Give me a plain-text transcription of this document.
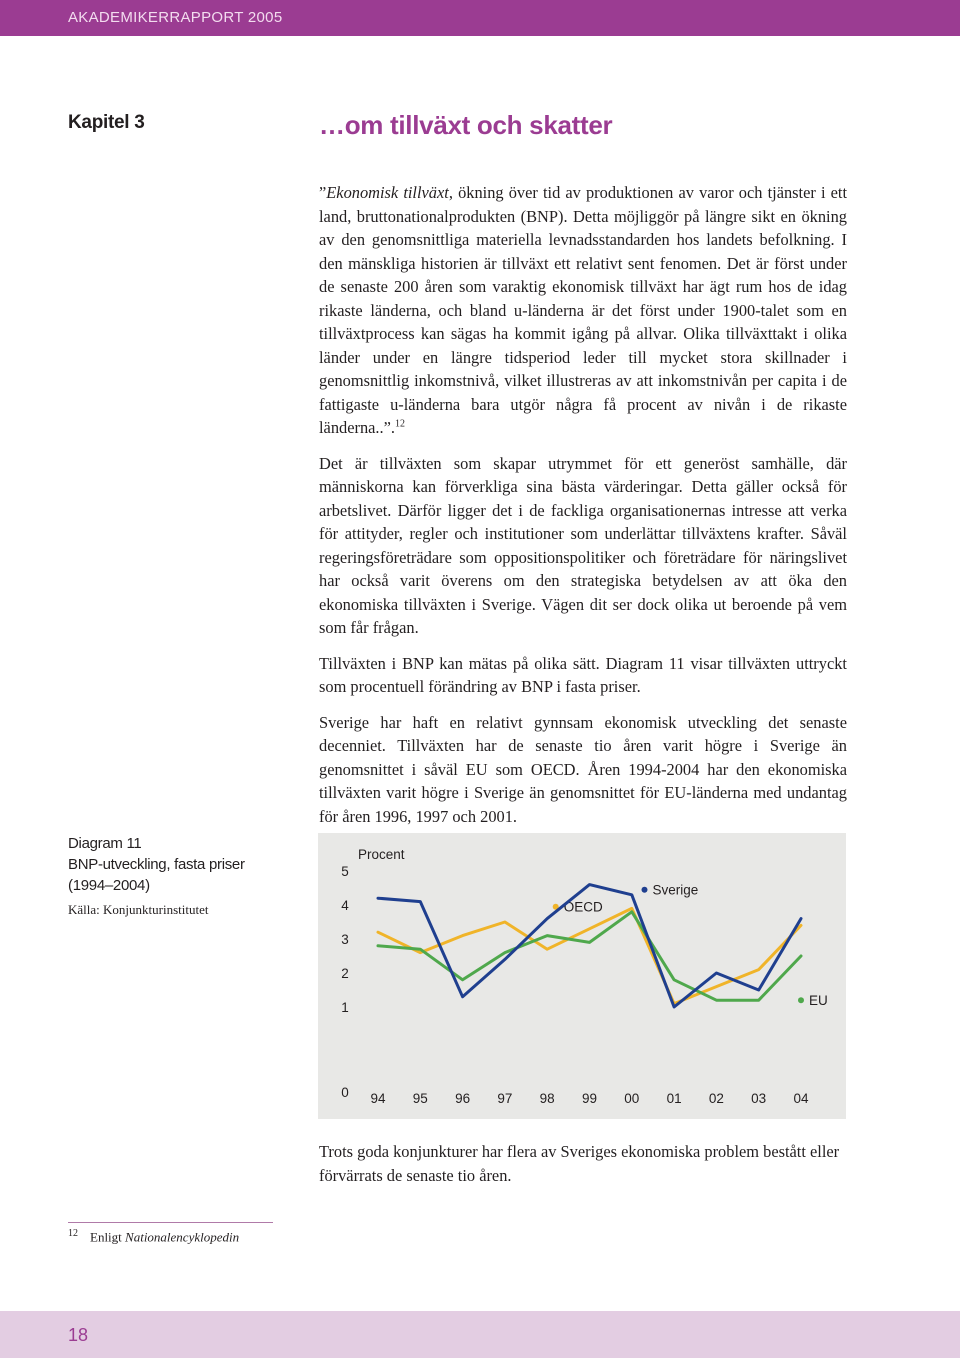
AKADEMIKERRAPPORT 2005
Kapitel 3	…om tillväxt och skatter

”Ekonomisk tillväxt, ökning över tid av produktionen av varor och tjänster i ett land, bruttonationalprodukten (BNP). Detta möjliggör på längre sikt en ökning av den genomsnittliga materiella levnadsstandarden hos landets befolkning. I den mänskliga historien är tillväxt ett relativt sent fenomen. Det är först under de senaste 200 åren som varaktig ekonomisk tillväxt har ägt rum hos de idag rikaste länderna, och bland u-länderna är det först under 1900-talet som en tillväxtprocess kan sägas ha kommit igång på allvar. Olika tillväxttakt i olika länder under en längre tidsperiod leder till mycket stora skillnader i genomsnittlig inkomstnivå, vilket illustreras av att inkomstnivån per capita i de fattigaste u-länderna bara utgör några få procent av nivån i de rikaste länderna..”.$^{12}$

Det är tillväxten som skapar utrymmet för ett generöst samhälle, där människorna kan förverkliga sina bästa värderingar. Detta gäller också för arbetslivet. Därför ligger det i de fackliga organisationernas intresse att verka för attityder, regler och institutioner som underlättar tillväxtens krafter. Såväl regeringsföreträdare som oppositionspolitiker och företrädare för näringslivet har också varit överens om den strategiska betydelsen av att öka den ekonomiska tillväxten i Sverige. Vägen dit ser dock olika ut beroende på vem som får frågan.

Tillväxten i BNP kan mätas på olika sätt. Diagram 11 visar tillväxten uttryckt som procentuell förändring av BNP i fasta priser.

Sverige har haft en relativt gynnsam ekonomisk utveckling det senaste decenniet. Tillväxten har de senaste tio åren varit högre i Sverige än genomsnittet i såväl EU som OECD. Åren 1994-2004 har den ekonomiska tillväxten varit högre i Sverige än genomsnittet för EU-länderna med undantag för åren 1996, 1997 och 2001.

Diagram 11
BNP-utveckling, fasta priser
(1994–2004)
Källa: Konjunkturinstitutet
0
1
2
3
4
5
94 95 96 97 98 99 00 01 02 03 04
Procent
OECD
EU
Sverige
Trots goda konjunkturer har flera av Sveriges ekonomiska problem bestått eller förvärrats de senaste tio åren.
$^{12}$ Enligt Nationalencyklopedin
18
